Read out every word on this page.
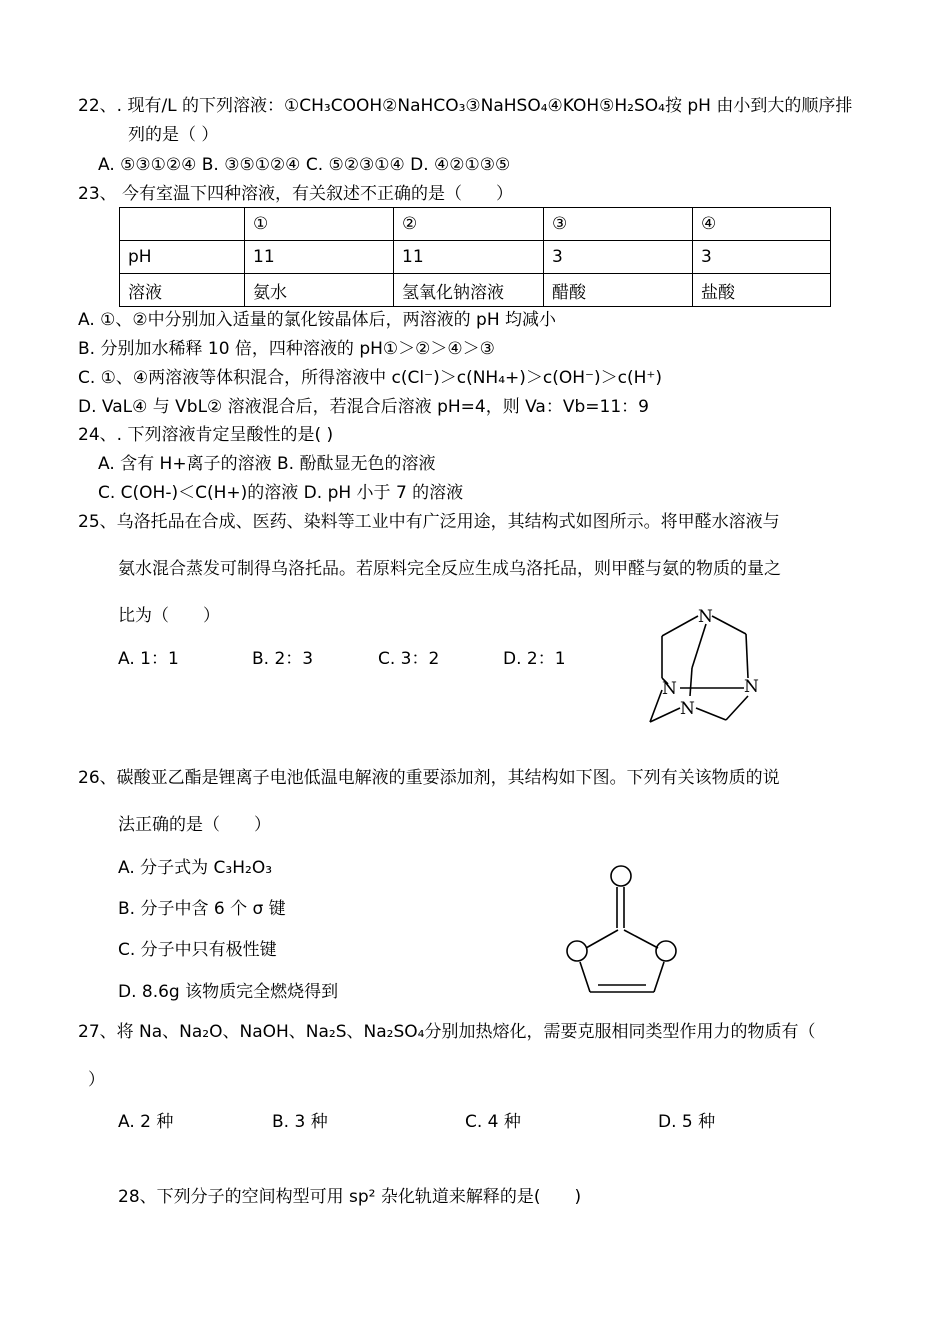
22、. 现有/L 的下列溶液：①CH₃COOH②NaHCO₃③NaHSO₄④KOH⑤H₂SO₄按 pH 由小到大的顺序排
列的是（ ）
A. ⑤③①②④ B. ③⑤①②④ C. ⑤②③①④ D. ④②①③⑤
23、 今有室温下四种溶液，有关叙述不正确的是（　　）
	①	②	③	④
pH	11	11	3	3
溶液	氨水	氢氧化钠溶液	醋酸	盐酸
A. ①、②中分别加入适量的氯化铵晶体后，两溶液的 pH 均减小
B. 分别加水稀释 10 倍，四种溶液的 pH①＞②＞④＞③
C. ①、④两溶液等体积混合，所得溶液中 c(Cl⁻)＞c(NH₄+)＞c(OH⁻)＞c(H⁺)
D. VaL④ 与 VbL② 溶液混合后，若混合后溶液 pH=4，则 Va：Vb=11：9
24、. 下列溶液肯定呈酸性的是( )
A. 含有 H+离子的溶液 B. 酚酞显无色的溶液
C. C(OH-)＜C(H+)的溶液 D. pH 小于 7 的溶液
25、乌洛托品在合成、医药、染料等工业中有广泛用途，其结构式如图所示。将甲醛水溶液与
氨水混合蒸发可制得乌洛托品。若原料完全反应生成乌洛托品，则甲醛与氨的物质的量之
比为（　　）
A. 1：1	B. 2：3	C. 3：2	D. 2：1
N
N	N
N
26、碳酸亚乙酯是锂离子电池低温电解液的重要添加剂，其结构如下图。下列有关该物质的说
法正确的是（　　）
A. 分子式为 C₃H₂O₃
B. 分子中含 6 个 σ 键
C. 分子中只有极性键
D. 8.6g 该物质完全燃烧得到
27、将 Na、Na₂O、NaOH、Na₂S、Na₂SO₄分别加热熔化，需要克服相同类型作用力的物质有（
）
A. 2 种	B. 3 种	C. 4 种	D. 5 种
28、下列分子的空间构型可用 sp² 杂化轨道来解释的是(　　)
